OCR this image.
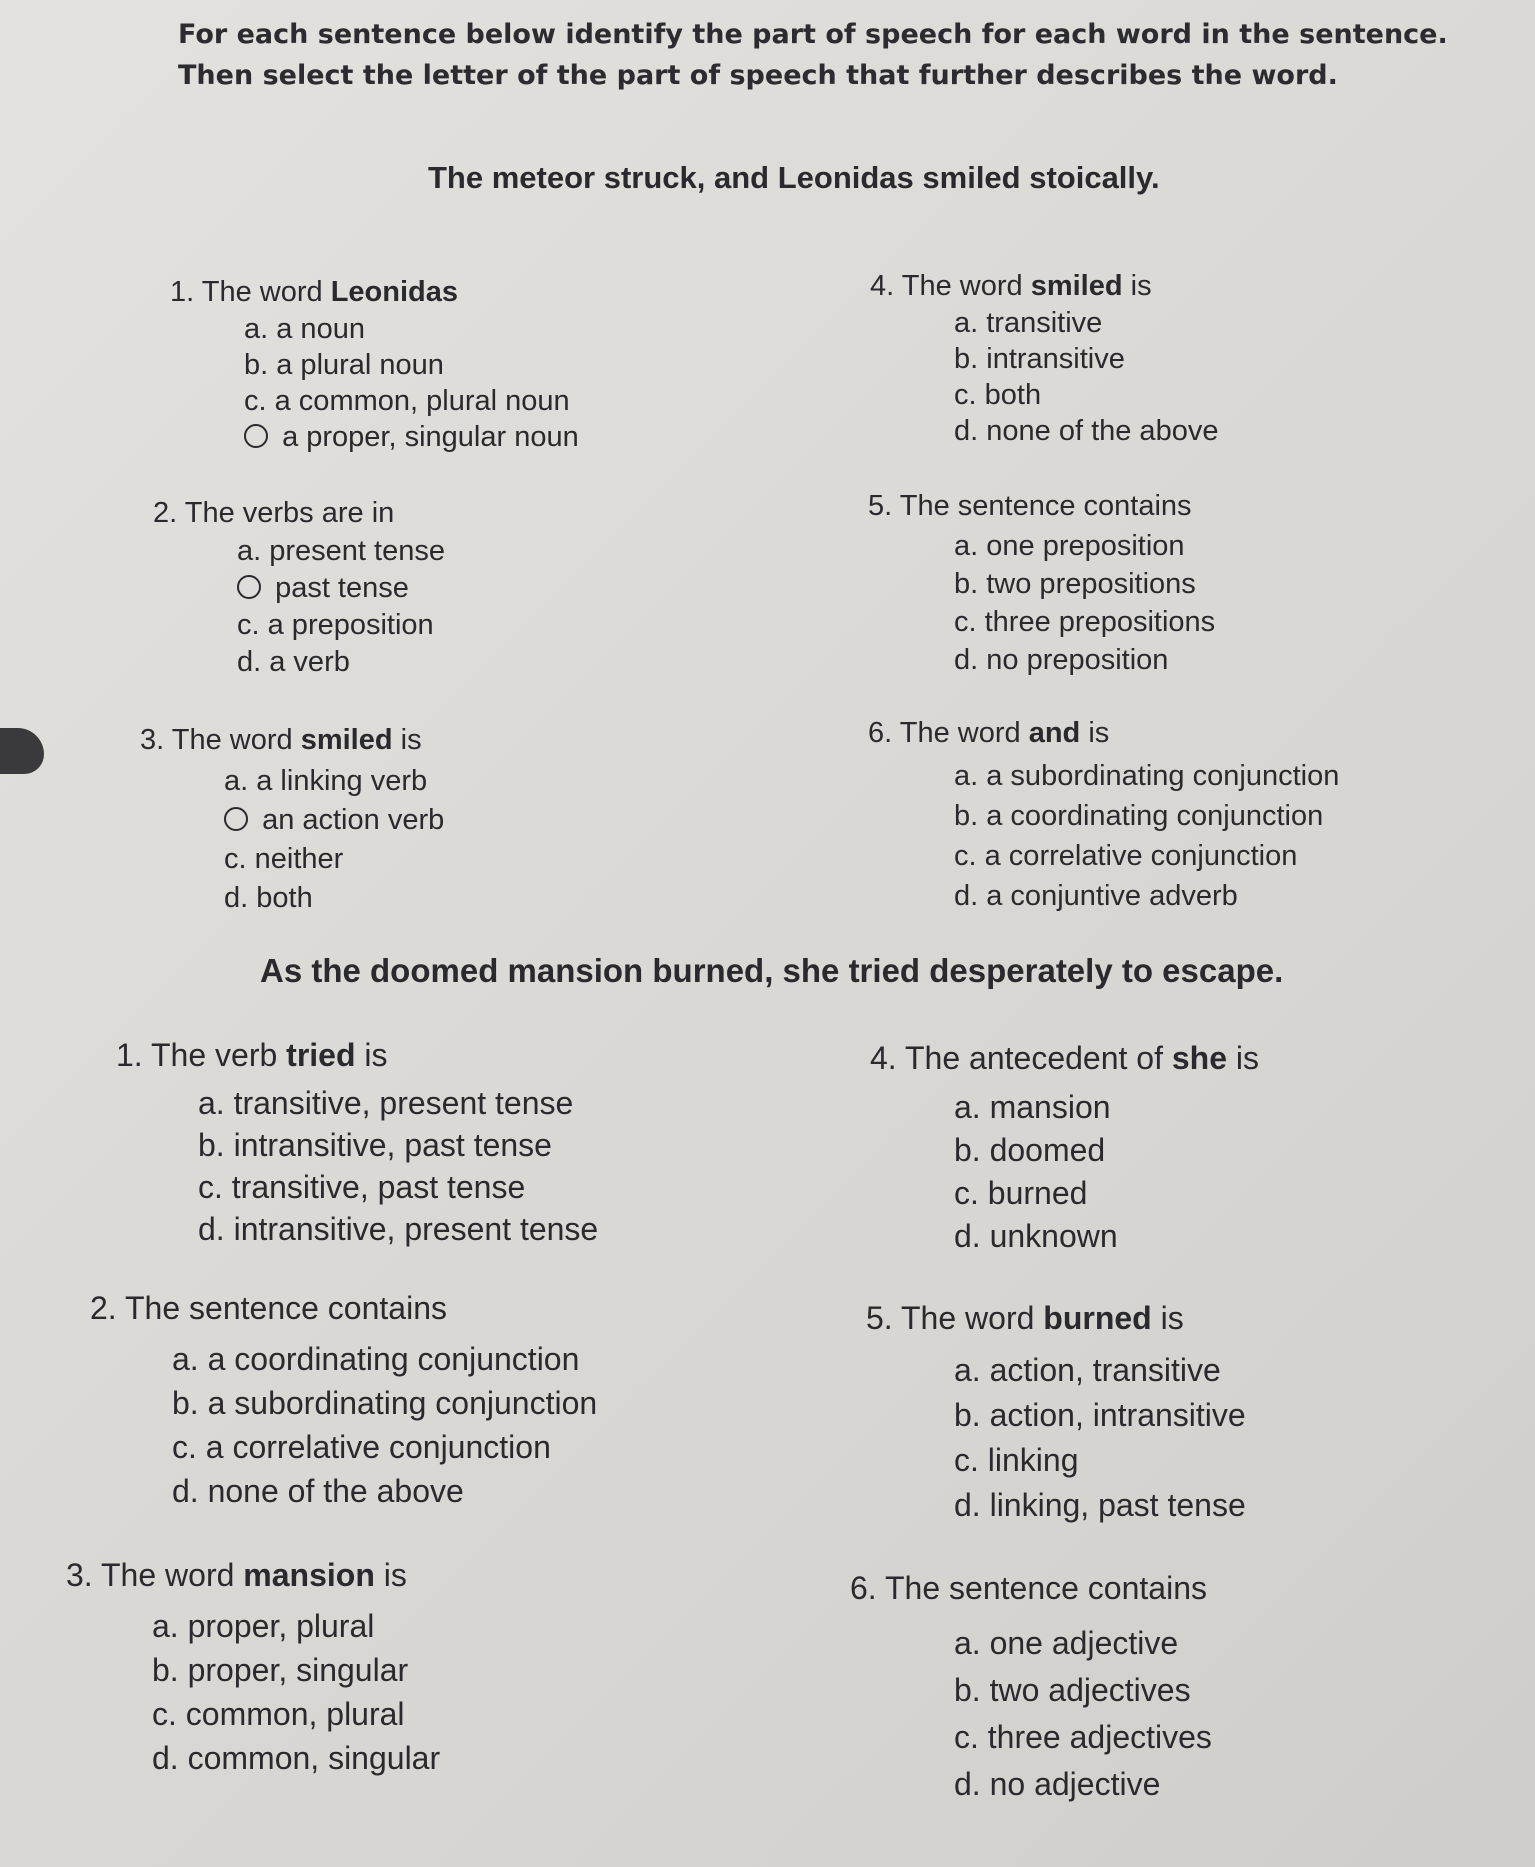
For each sentence below identify the part of speech for each word in the sentence. Then select the letter of the part of speech that further describes the word.
The meteor struck, and Leonidas smiled stoically.
As the doomed mansion burned, she tried desperately to escape.
1. The word Leonidas
a. a noun
b. a plural noun
c. a common, plural noun
a proper, singular noun
2. The verbs are in
a. present tense
past tense
c. a preposition
d. a verb
3. The word smiled is
a. a linking verb
an action verb
c. neither
d. both
4. The word smiled is
a. transitive
b. intransitive
c. both
d. none of the above
5. The sentence contains
a. one preposition
b. two prepositions
c. three prepositions
d. no preposition
6. The word and is
a. a subordinating conjunction
b. a coordinating conjunction
c. a correlative conjunction
d. a conjuntive adverb
1. The verb tried is
a. transitive, present tense
b. intransitive, past tense
c. transitive, past tense
d. intransitive, present tense
2. The sentence contains
a. a coordinating conjunction
b. a subordinating conjunction
c. a correlative conjunction
d. none of the above
3. The word mansion is
a. proper, plural
b. proper, singular
c. common, plural
d. common, singular
4. The antecedent of she is
a. mansion
b. doomed
c. burned
d. unknown
5. The word burned is
a. action, transitive
b. action, intransitive
c. linking
d. linking, past tense
6. The sentence contains
a. one adjective
b. two adjectives
c. three adjectives
d. no adjective
